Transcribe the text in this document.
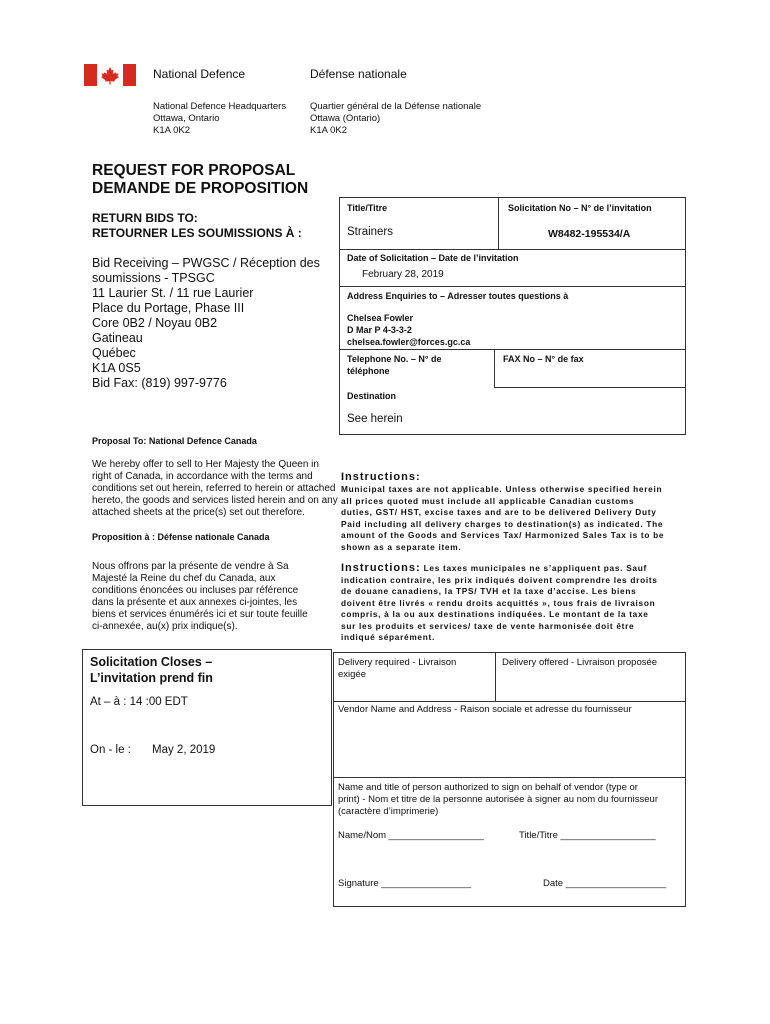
National Defence	Défense nationale
National Defence Headquarters
Ottawa, Ontario
K1A 0K2
Quartier général de la Défense nationale
Ottawa (Ontario)
K1A 0K2
REQUEST FOR PROPOSAL
DEMANDE DE PROPOSITION
RETURN BIDS TO:
RETOURNER LES SOUMISSIONS À :
Bid Receiving – PWGSC / Réception des
soumissions - TPSGC
11 Laurier St. / 11 rue Laurier
Place du Portage, Phase III
Core 0B2 / Noyau 0B2
Gatineau
Québec
K1A 0S5
Bid Fax: (819) 997-9776
Title/Titre	Solicitation No – N° de l’invitation
Strainers	W8482-195534/A
Date of Solicitation – Date de l’invitation
February 28, 2019
Address Enquiries to – Adresser toutes questions à
Chelsea Fowler
D Mar P 4-3-3-2
chelsea.fowler@forces.gc.ca
Telephone No. – N° de
téléphone
FAX No – N° de fax
Destination
See herein
Proposal To: National Defence Canada
We hereby offer to sell to Her Majesty the Queen in
right of Canada, in accordance with the terms and
conditions set out herein, referred to herein or attached
hereto, the goods and services listed herein and on any
attached sheets at the price(s) set out therefore.
Proposition à : Défense nationale Canada
Nous offrons par la présente de vendre à Sa
Majesté la Reine du chef du Canada, aux
conditions énoncées ou incluses par référence
dans la présente et aux annexes ci-jointes, les
biens et services énumérés ici et sur toute feuille
ci-annexée, au(x) prix indique(s).
Instructions:
Municipal taxes are not applicable. Unless otherwise specified herein
all prices quoted must include all applicable Canadian customs
duties, GST/ HST, excise taxes and are to be delivered Delivery Duty
Paid including all delivery charges to destination(s) as indicated. The
amount of the Goods and Services Tax/ Harmonized Sales Tax is to be
shown as a separate item.
Instructions: Les taxes municipales ne s’appliquent pas. Sauf
indication contraire, les prix indiqués doivent comprendre les droits
de douane canadiens, la TPS/ TVH et la taxe d’accise. Les biens
doivent être livrés « rendu droits acquittés », tous frais de livraison
compris, à la ou aux destinations indiquées. Le montant de la taxe
sur les produits et services/ taxe de vente harmonisée doit être
indiqué séparément.
Solicitation Closes –
L’invitation prend fin
At – à : 14 :00 EDT
On - le : May 2, 2019
Delivery required - Livraison
exigée
Delivery offered - Livraison proposée
Vendor Name and Address - Raison sociale et adresse du fournisseur
Name and title of person authorized to sign on behalf of vendor (type or
print) - Nom et titre de la personne autorisée à signer au nom du fournisseur
(caractère d’imprimerie)
Name/Nom __________________	Title/Titre __________________
Signature _________________	Date ___________________
